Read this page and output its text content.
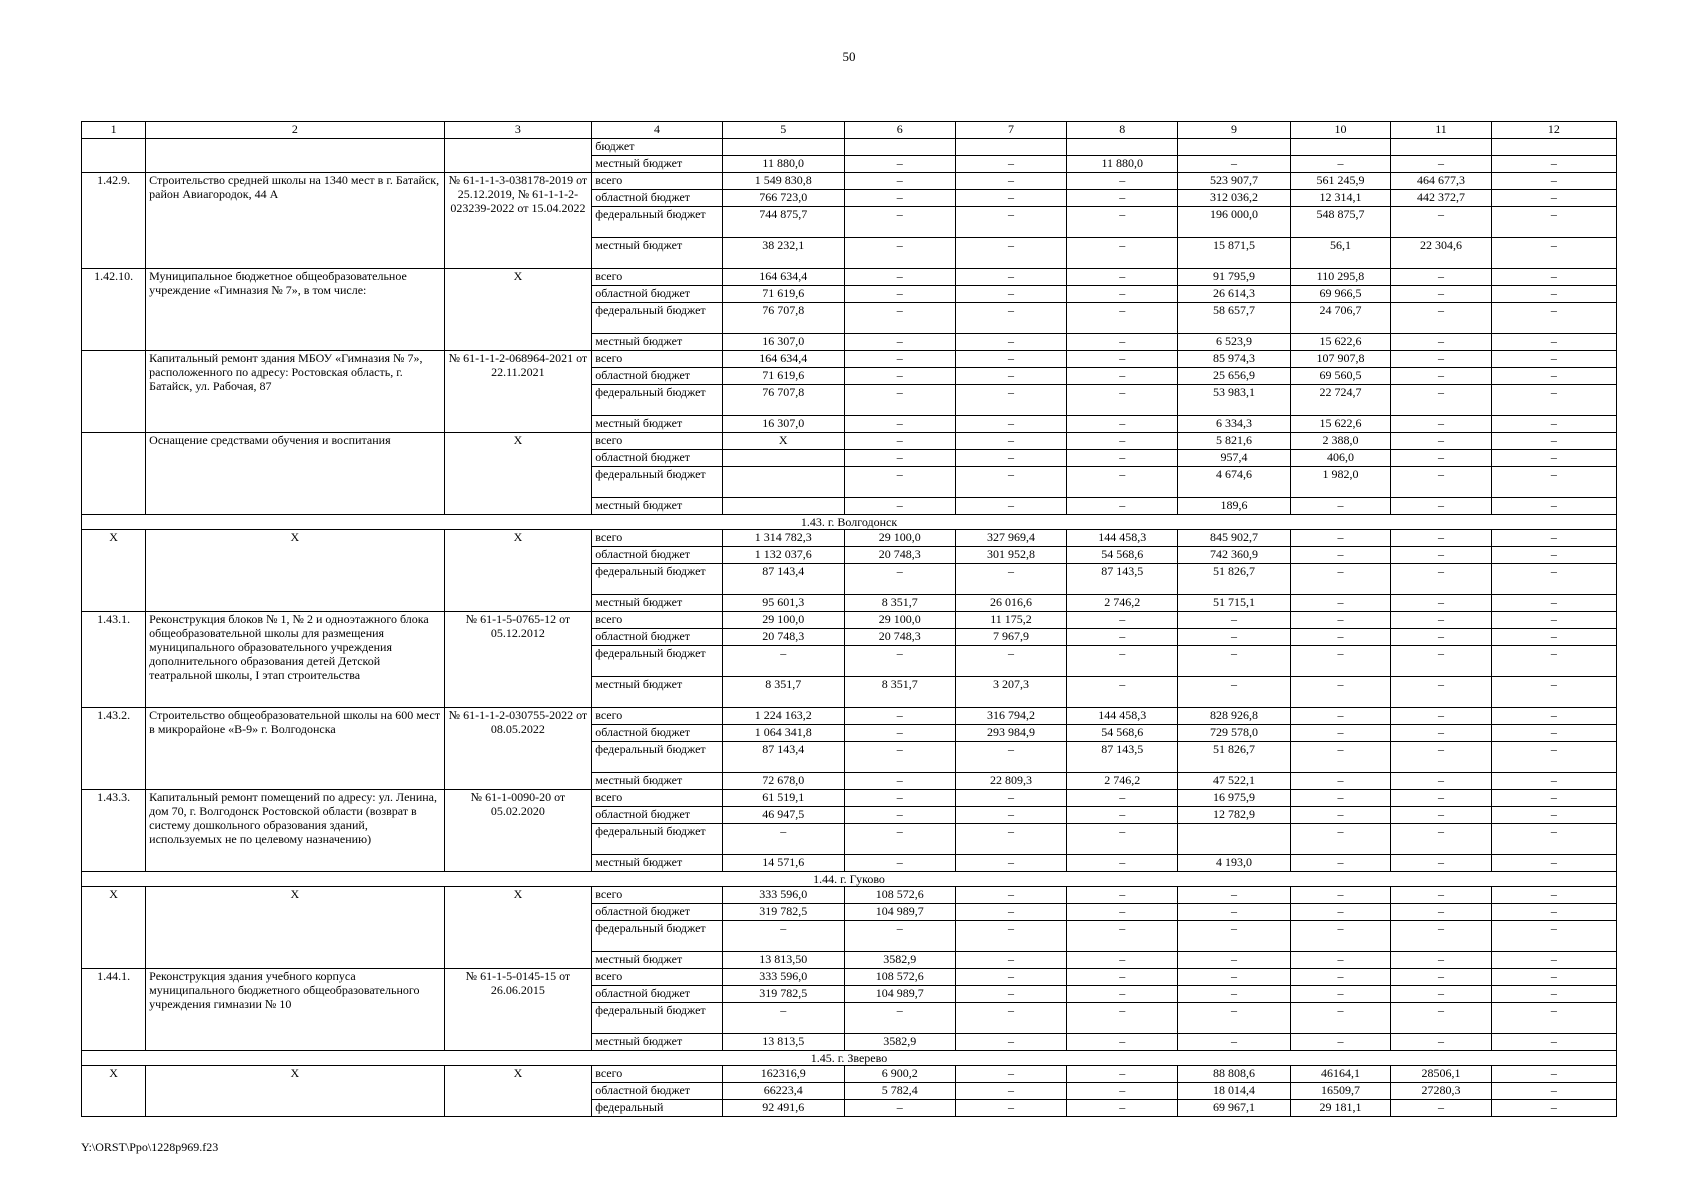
50
1	2	3	4	5	6	7	8	9	10	11	12
			бюджет								
			местный бюджет	11 880,0	–	–	11 880,0	–	–	–	–
1.42.9.	Строительство средней школы на 1340 мест в г. Батайск, район Авиагородок, 44 А	№ 61-1-1-3-038178-2019 от 25.12.2019, № 61-1-1-2-023239-2022 от 15.04.2022	всего	1 549 830,8	–	–	–	523 907,7	561 245,9	464 677,3	–
			областной бюджет	766 723,0	–	–	–	312 036,2	12 314,1	442 372,7	–
			федеральный бюджет	744 875,7	–	–	–	196 000,0	548 875,7	–	–
			местный бюджет	38 232,1	–	–	–	15 871,5	56,1	22 304,6	–
1.42.10.	Муниципальное бюджетное общеобразовательное учреждение «Гимназия № 7», в том числе:	Х	всего	164 634,4	–	–	–	91 795,9	110 295,8	–	–
			областной бюджет	71 619,6	–	–	–	26 614,3	69 966,5	–	–
			федеральный бюджет	76 707,8	–	–	–	58 657,7	24 706,7	–	–
			местный бюджет	16 307,0	–	–	–	6 523,9	15 622,6	–	–
	Капитальный ремонт здания МБОУ «Гимназия № 7», расположенного по адресу: Ростовская область, г. Батайск, ул. Рабочая, 87	№ 61-1-1-2-068964-2021 от 22.11.2021	всего	164 634,4	–	–	–	85 974,3	107 907,8	–	–
			областной бюджет	71 619,6	–	–	–	25 656,9	69 560,5	–	–
			федеральный бюджет	76 707,8	–	–	–	53 983,1	22 724,7	–	–
			местный бюджет	16 307,0	–	–	–	6 334,3	15 622,6	–	–
	Оснащение средствами обучения и воспитания	Х	всего	Х	–	–	–	5 821,6	2 388,0	–	–
			областной бюджет		–	–	–	957,4	406,0	–	–
			федеральный бюджет		–	–	–	4 674,6	1 982,0	–	–
			местный бюджет		–	–	–	189,6	–	–	–
1.43. г. Волгодонск											
Х	Х	Х	всего	1 314 782,3	29 100,0	327 969,4	144 458,3	845 902,7	–	–	–
			областной бюджет	1 132 037,6	20 748,3	301 952,8	54 568,6	742 360,9	–	–	–
			федеральный бюджет	87 143,4	–	–	87 143,5	51 826,7	–	–	–
			местный бюджет	95 601,3	8 351,7	26 016,6	2 746,2	51 715,1	–	–	–
1.43.1.	Реконструкция блоков № 1, № 2 и одноэтажного блока общеобразовательной школы для размещения муниципального образовательного учреждения дополнительного образования детей Детской театральной школы, I этап строительства	№ 61-1-5-0765-12 от 05.12.2012	всего	29 100,0	29 100,0	11 175,2	–	–	–	–	–
			областной бюджет	20 748,3	20 748,3	7 967,9	–	–	–	–	–
			федеральный бюджет	–	–	–	–	–	–	–	–
			местный бюджет	8 351,7	8 351,7	3 207,3	–	–	–	–	–
1.43.2.	Строительство общеобразовательной школы на 600 мест в микрорайоне «В-9» г. Волгодонска	№ 61-1-1-2-030755-2022 от 08.05.2022	всего	1 224 163,2	–	316 794,2	144 458,3	828 926,8	–	–	–
			областной бюджет	1 064 341,8	–	293 984,9	54 568,6	729 578,0	–	–	–
			федеральный бюджет	87 143,4	–	–	87 143,5	51 826,7	–	–	–
			местный бюджет	72 678,0	–	22 809,3	2 746,2	47 522,1	–	–	–
1.43.3.	Капитальный ремонт помещений по адресу: ул. Ленина, дом 70, г. Волгодонск Ростовской области (возврат в систему дошкольного образования зданий, используемых не по целевому назначению)	№ 61-1-0090-20 от 05.02.2020	всего	61 519,1	–	–	–	16 975,9	–	–	–
			областной бюджет	46 947,5	–	–	–	12 782,9	–	–	–
			федеральный бюджет	–	–	–	–		–	–	–
			местный бюджет	14 571,6	–	–	–	4 193,0	–	–	–
1.44. г. Гуково											
Х	Х	Х	всего	333 596,0	108 572,6	–	–	–	–	–	–
			областной бюджет	319 782,5	104 989,7	–	–	–	–	–	–
			федеральный бюджет	–	–	–	–	–	–	–	–
			местный бюджет	13 813,50	3582,9	–	–	–	–	–	–
1.44.1.	Реконструкция здания учебного корпуса муниципального бюджетного общеобразовательного учреждения гимназии № 10	№ 61-1-5-0145-15 от 26.06.2015	всего	333 596,0	108 572,6	–	–	–	–	–	–
			областной бюджет	319 782,5	104 989,7	–	–	–	–	–	–
			федеральный бюджет	–	–	–	–	–	–	–	–
			местный бюджет	13 813,5	3582,9	–	–	–	–	–	–
1.45. г. Зверево											
Х	Х	Х	всего	162316,9	6 900,2	–	–	88 808,6	46164,1	28506,1	–
			областной бюджет	66223,4	5 782,4	–	–	18 014,4	16509,7	27280,3	–
			федеральный	92 491,6	–	–	–	69 967,1	29 181,1	–	–
Y:\ORST\Ppo\1228p969.f23
